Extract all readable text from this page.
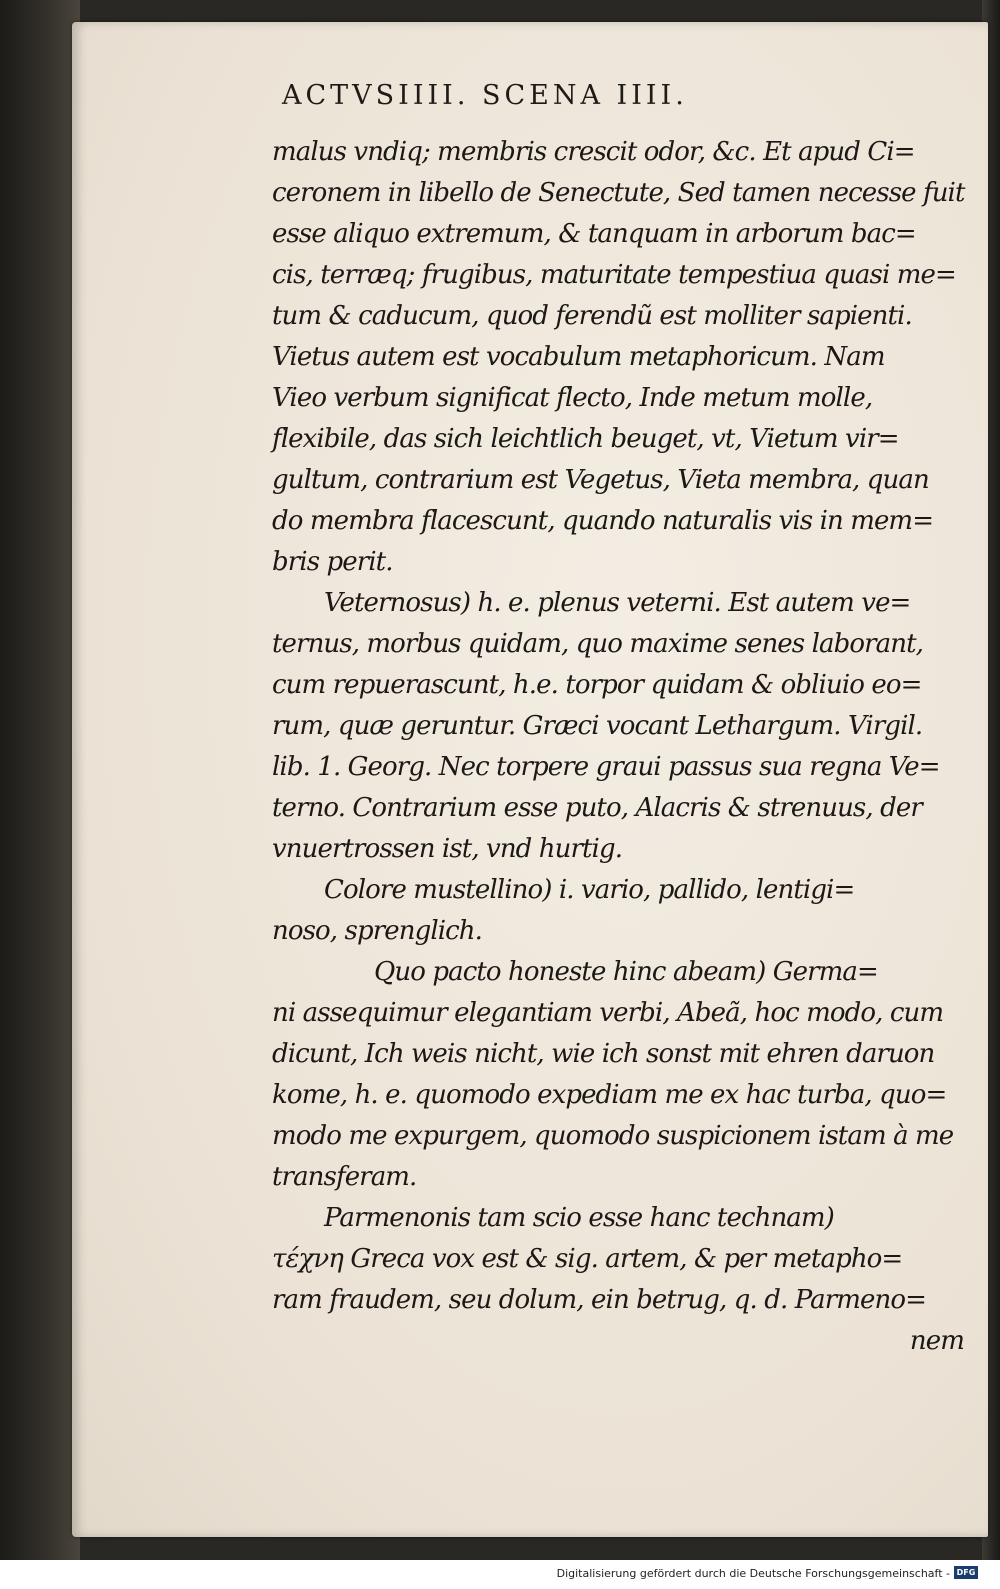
ACTVSIIII. SCENA IIII.
malus vndiq; membris crescit odor, &c. Et apud Ci=
ceronem in libello de Senectute, Sed tamen necesse fuit
esse aliquo extremum, & tanquam in arborum bac=
cis, terræq; frugibus, maturitate tempestiua quasi me=
tum & caducum, quod ferendũ est molliter sapienti.
Vietus autem est vocabulum metaphoricum. Nam
Vieo verbum significat flecto, Inde metum molle,
flexibile, das sich leichtlich beuget, vt, Vietum vir=
gultum, contrarium est Vegetus, Vieta membra, quan
do membra flacescunt, quando naturalis vis in mem=
bris perit.
Veternosus) h. e. plenus veterni. Est autem ve=
ternus, morbus quidam, quo maxime senes laborant,
cum repuerascunt, h.e. torpor quidam & obliuio eo=
rum, quæ geruntur. Græci vocant Lethargum. Virgil.
lib. 1. Georg. Nec torpere graui passus sua regna Ve=
terno. Contrarium esse puto, Alacris & strenuus, der
vnuertrossen ist, vnd hurtig.
Colore mustellino) i. vario, pallido, lentigi=
noso, sprenglich.
Quo pacto honeste hinc abeam) Germa=
ni assequimur elegantiam verbi, Abeã, hoc modo, cum
dicunt, Ich weis nicht, wie ich sonst mit ehren daruon
kome, h. e. quomodo expediam me ex hac turba, quo=
modo me expurgem, quomodo suspicionem istam à me
transferam.
Parmenonis tam scio esse hanc technam)
τέχνη Greca vox est & sig. artem, & per metapho=
ram fraudem, seu dolum, ein betrug, q. d. Parmeno=
nem
Digitalisierung gefördert durch die Deutsche Forschungsgemeinschaft - DFG
